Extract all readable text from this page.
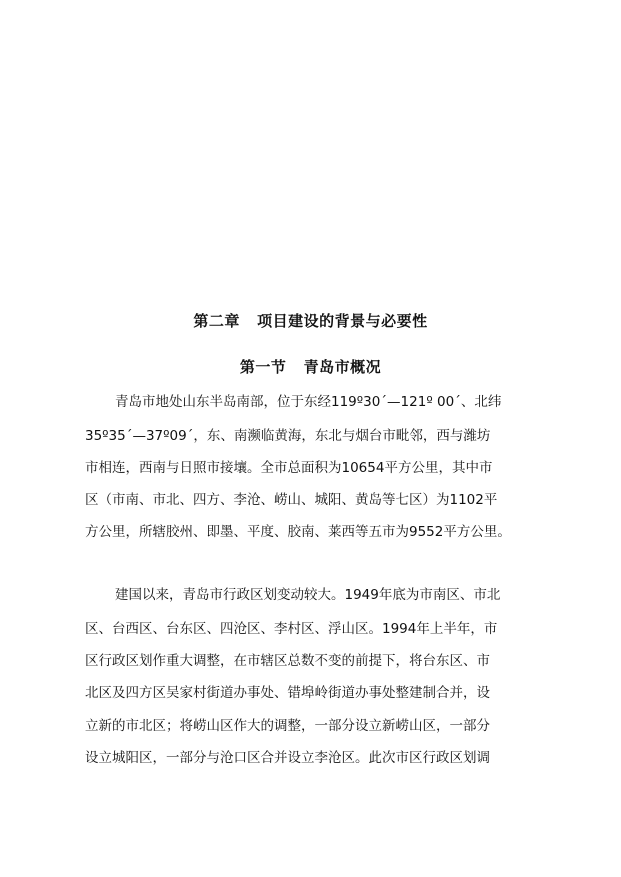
第二章   项目建设的背景与必要性
第一节   青岛市概况
青岛市地处山东半岛南部，位于东经119º30´—121º 00´、北纬
35º35´—37º09´，东、南濒临黄海，东北与烟台市毗邻，西与潍坊
市相连，西南与日照市接壤。全市总面积为10654平方公里，其中市
区（市南、市北、四方、李沧、崂山、城阳、黄岛等七区）为1102平
方公里，所辖胶州、即墨、平度、胶南、莱西等五市为9552平方公里。
建国以来，青岛市行政区划变动较大。1949年底为市南区、市北
区、台西区、台东区、四沧区、李村区、浮山区。1994年上半年，市
区行政区划作重大调整，在市辖区总数不变的前提下，将台东区、市
北区及四方区吴家村街道办事处、错埠岭街道办事处整建制合并，设
立新的市北区；将崂山区作大的调整，一部分设立新崂山区，一部分
设立城阳区，一部分与沧口区合并设立李沧区。此次市区行政区划调
